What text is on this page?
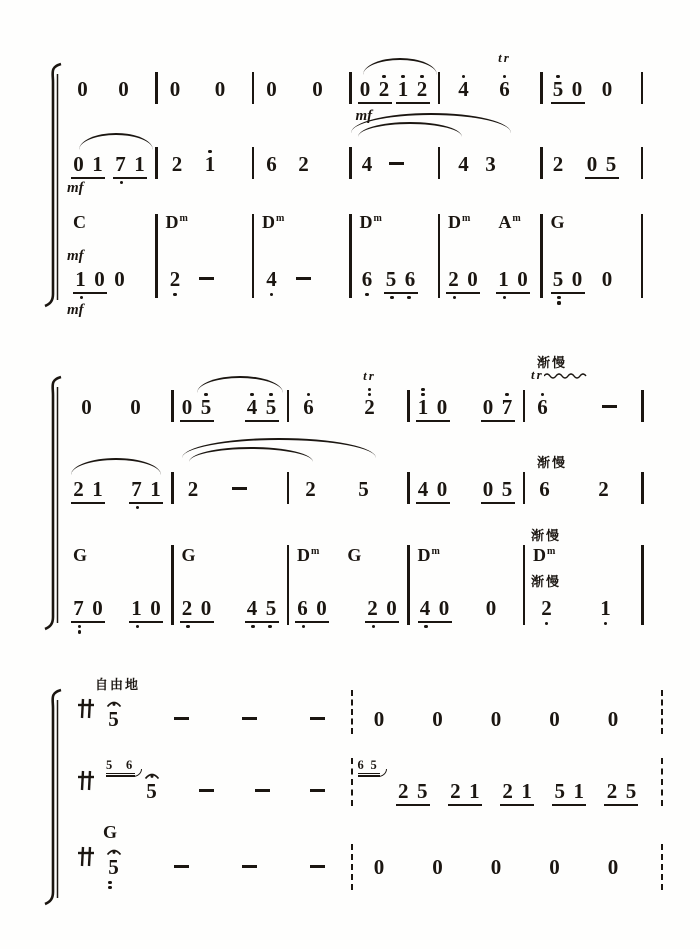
0 0 0 0 0 0 0 2 1 2
mf
4
tr
6 5 0 0
0 1 7 1
mf
2 1 6 2	4	4 3	2 0 5
C
1 0 0
mf
mf
$D^m$
2
$D^m$
4
$D^m$
6 5 6
$D^m$ $A^m$
2 0 1 0
G
5 0 0
0 0 0 5 4 5 6
tr
2 1 0 0 7
tr
6
渐慢
2 1 7 1 2	2 5 4 0 0 5 6 2
渐慢
G
7 0 1 0
G
2 0 4 5
$D^m$ G
6 0 2 0
$D^m$
4 0 0
$D^m$
2 1
渐慢
渐慢
5
自由地
0 0 0 0 0
5 6
5
6 5
2 5 2 1 2 1 5 1 2 5
G
5	0 0 0 0 0
